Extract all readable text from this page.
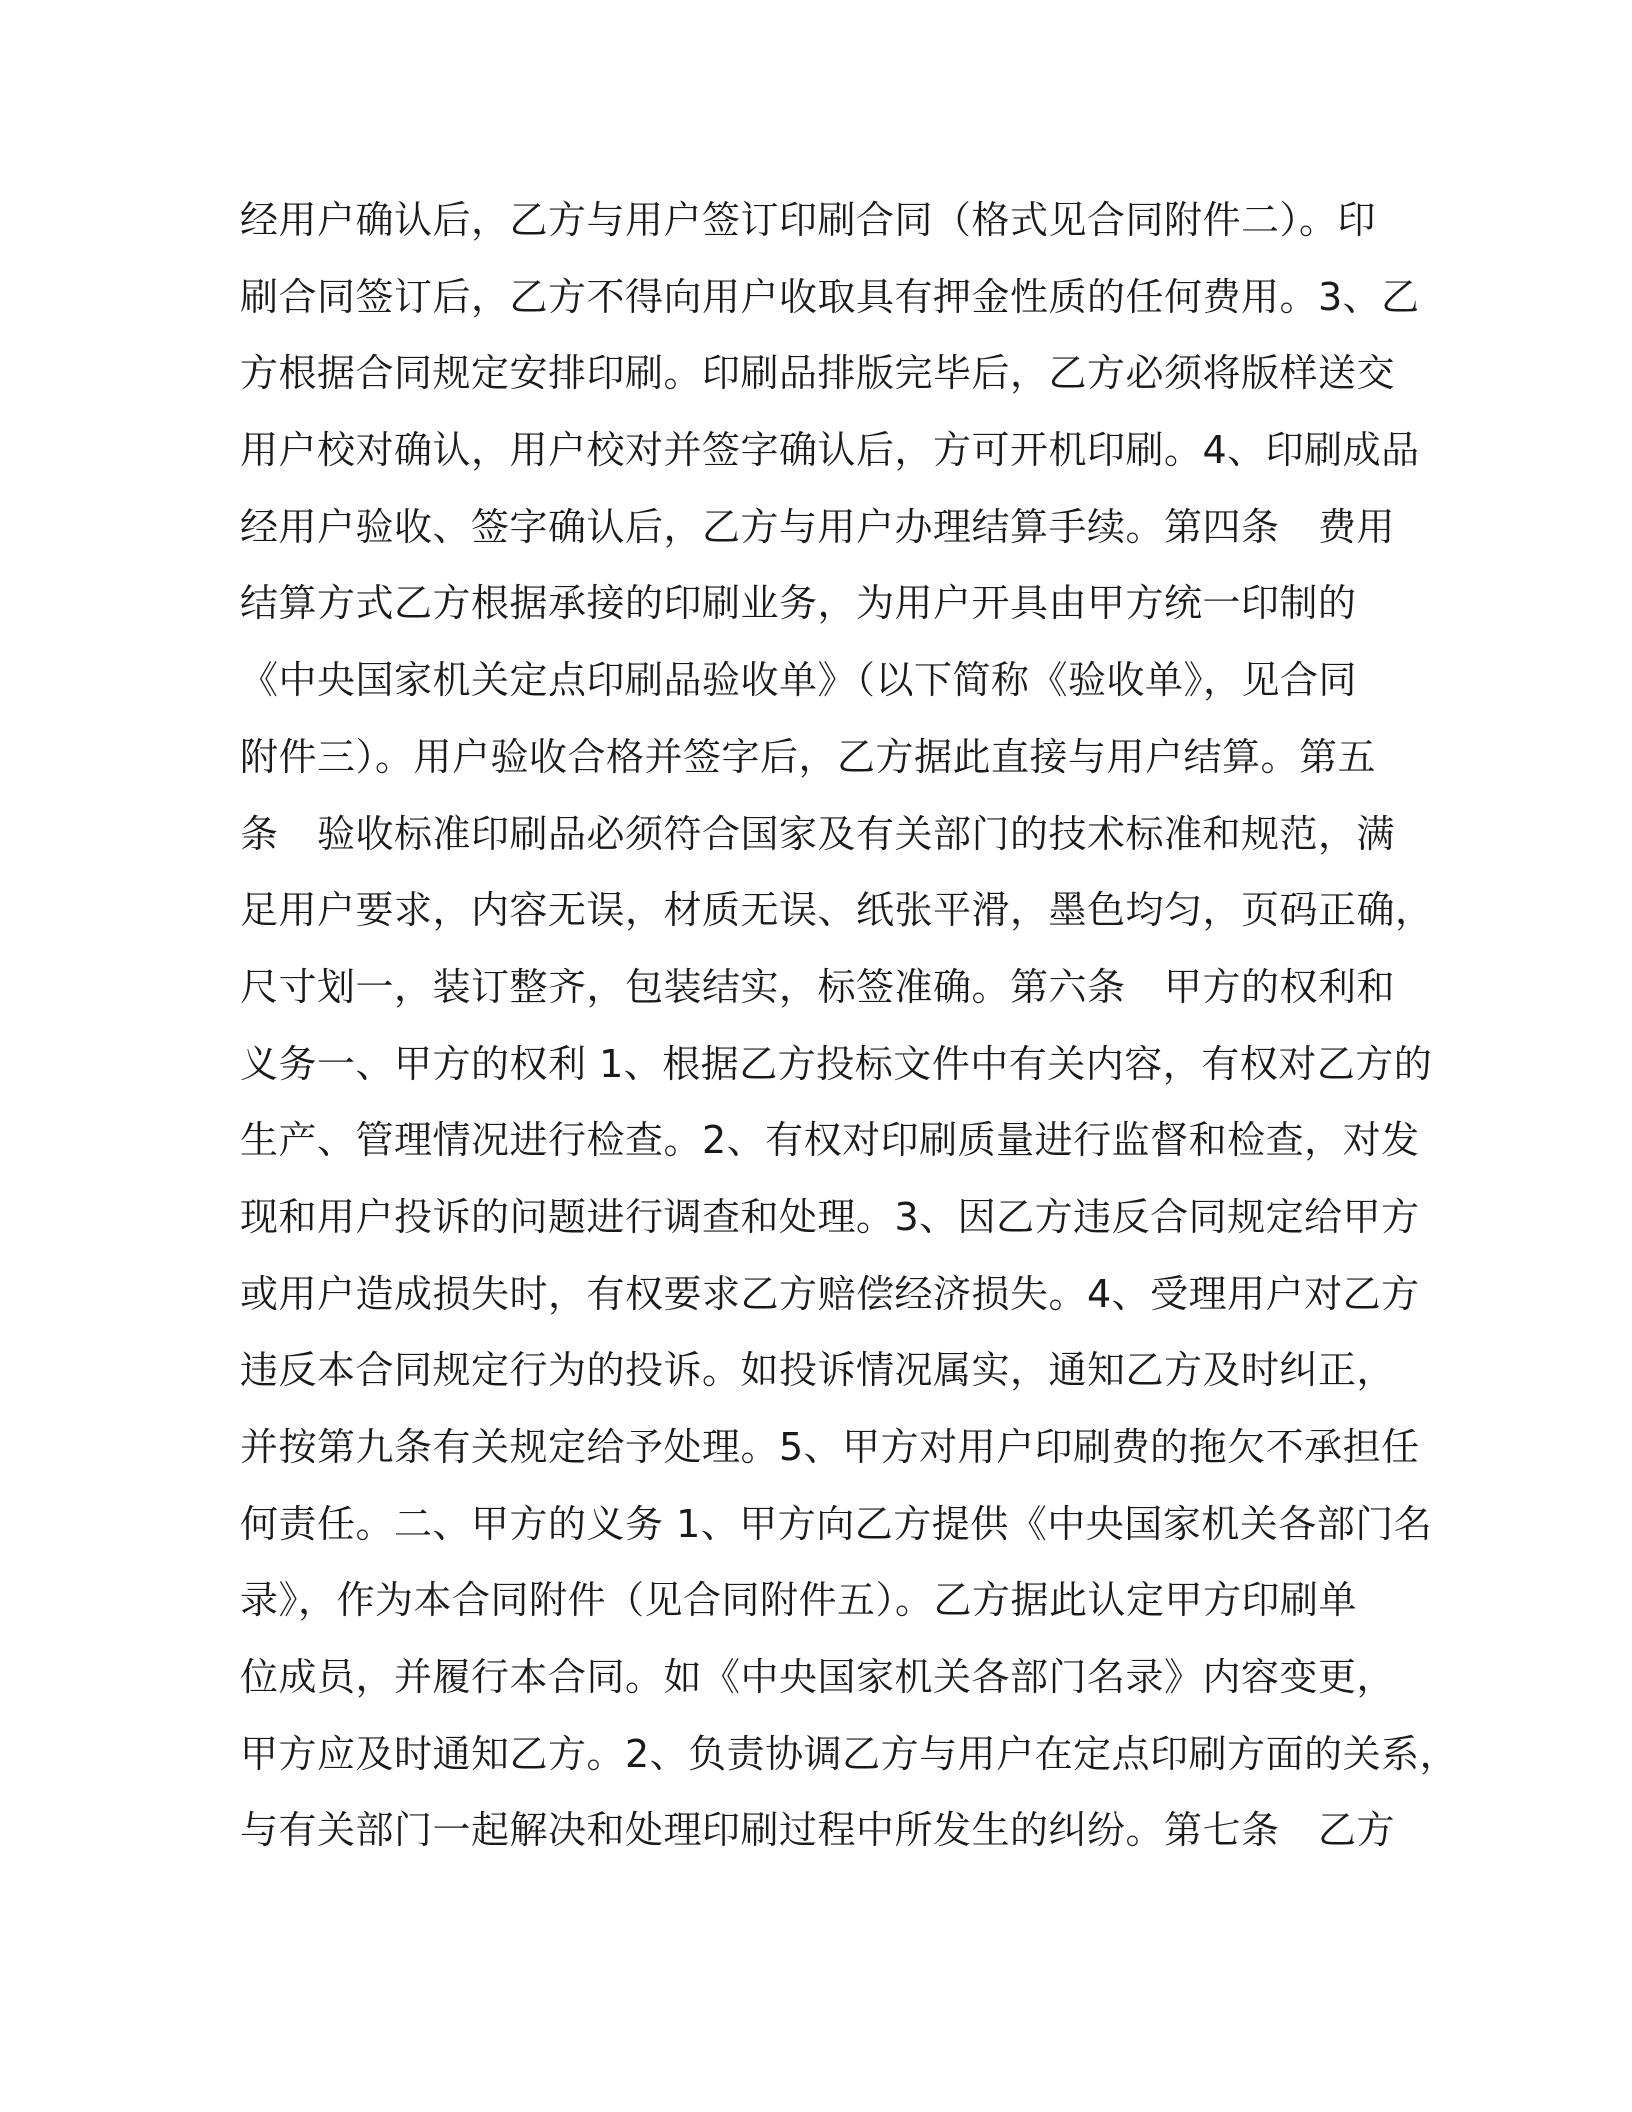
经用户确认后，乙方与用户签订印刷合同（格式见合同附件二）。印
刷合同签订后，乙方不得向用户收取具有押金性质的任何费用。3、乙
方根据合同规定安排印刷。印刷品排版完毕后，乙方必须将版样送交
用户校对确认，用户校对并签字确认后，方可开机印刷。4、印刷成品
经用户验收、签字确认后，乙方与用户办理结算手续。第四条　费用
结算方式乙方根据承接的印刷业务，为用户开具由甲方统一印制的
《中央国家机关定点印刷品验收单》（以下简称《验收单》，见合同
附件三）。用户验收合格并签字后，乙方据此直接与用户结算。第五
条　验收标准印刷品必须符合国家及有关部门的技术标准和规范，满
足用户要求，内容无误，材质无误、纸张平滑，墨色均匀，页码正确，
尺寸划一，装订整齐，包装结实，标签准确。第六条　甲方的权利和
义务一、甲方的权利 1、根据乙方投标文件中有关内容，有权对乙方的
生产、管理情况进行检查。2、有权对印刷质量进行监督和检查，对发
现和用户投诉的问题进行调查和处理。3、因乙方违反合同规定给甲方
或用户造成损失时，有权要求乙方赔偿经济损失。4、受理用户对乙方
违反本合同规定行为的投诉。如投诉情况属实，通知乙方及时纠正，
并按第九条有关规定给予处理。5、甲方对用户印刷费的拖欠不承担任
何责任。二、甲方的义务 1、甲方向乙方提供《中央国家机关各部门名
录》，作为本合同附件（见合同附件五）。乙方据此认定甲方印刷单
位成员，并履行本合同。如《中央国家机关各部门名录》内容变更，
甲方应及时通知乙方。2、负责协调乙方与用户在定点印刷方面的关系，
与有关部门一起解决和处理印刷过程中所发生的纠纷。第七条　乙方
